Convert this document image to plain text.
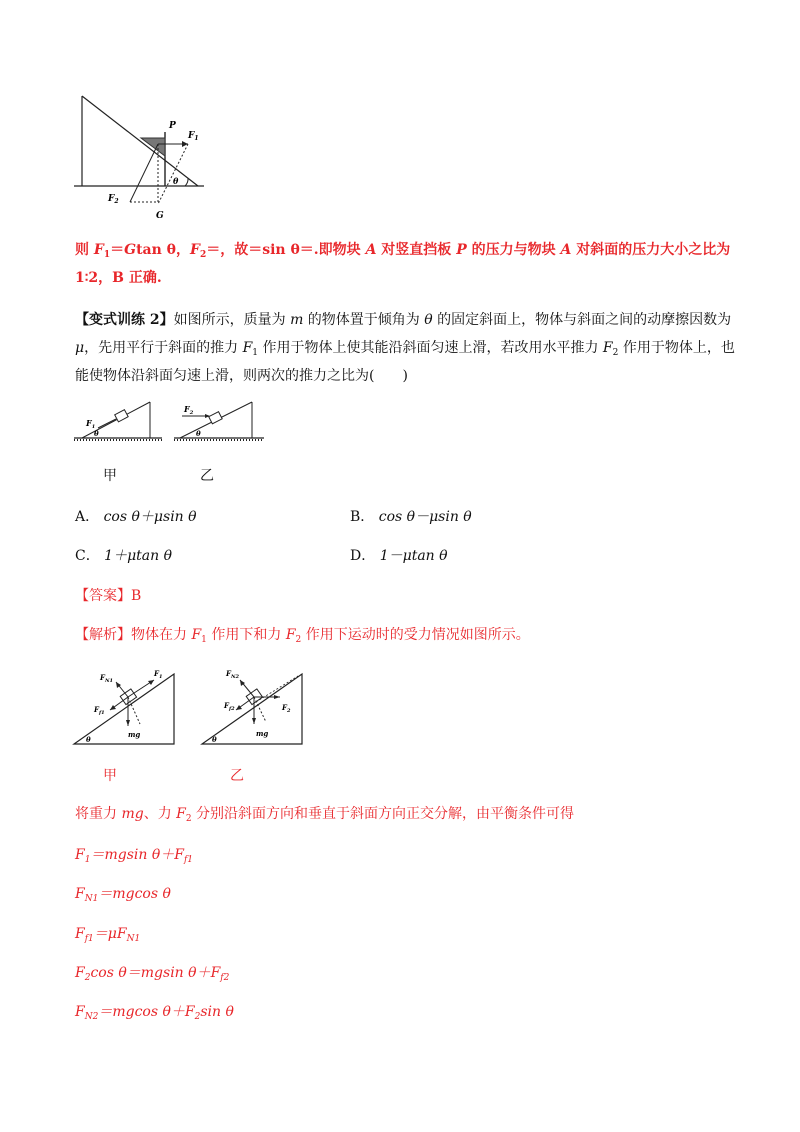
P
$F_1$
$F_2$
G
θ
则 $F_1=Gtan$ θ，$F_2=$，故＝sin θ＝.即物块 A 对竖直挡板 P 的压力与物块 A 对斜面的压力大小之比为
1∶2，B 正确.
【变式训练 2】如图所示，质量为 m 的物体置于倾角为 θ 的固定斜面上，物体与斜面之间的动摩擦因数为
μ，先用平行于斜面的推力 $F_1$ 作用于物体上使其能沿斜面匀速上滑，若改用水平推力 $F_2$ 作用于物体上，也
能使物体沿斜面匀速上滑，则两次的推力之比为(　　)
$F_1$
θ
$F_2$
θ
甲	乙
A． cos θ＋μsin θ	B． cos θ－μsin θ
C． 1＋μtan θ	D． 1－μtan θ
【答案】B
【解析】物体在力 $F_1$ 作用下和力 $F_2$ 作用下运动时的受力情况如图所示。
$F_{N1}$
$F_1$
$F_{f1}$
mg
θ
$F_{N2}$
$F_{f2}$	$F_2$
mg
θ
甲	乙
将重力 mg、力 $F_2$ 分别沿斜面方向和垂直于斜面方向正交分解，由平衡条件可得
$F_1=mgsin$ $\theta+F_{f1}$
$F_{N1}=mgcos$ θ
$F_{f1}=\mu F_{N1}$
$F_2\cos$ θ＝mgsin $\theta+F_{f2}$
$F_{N2}=mgcos$ $\theta+F_2\sin$ θ
